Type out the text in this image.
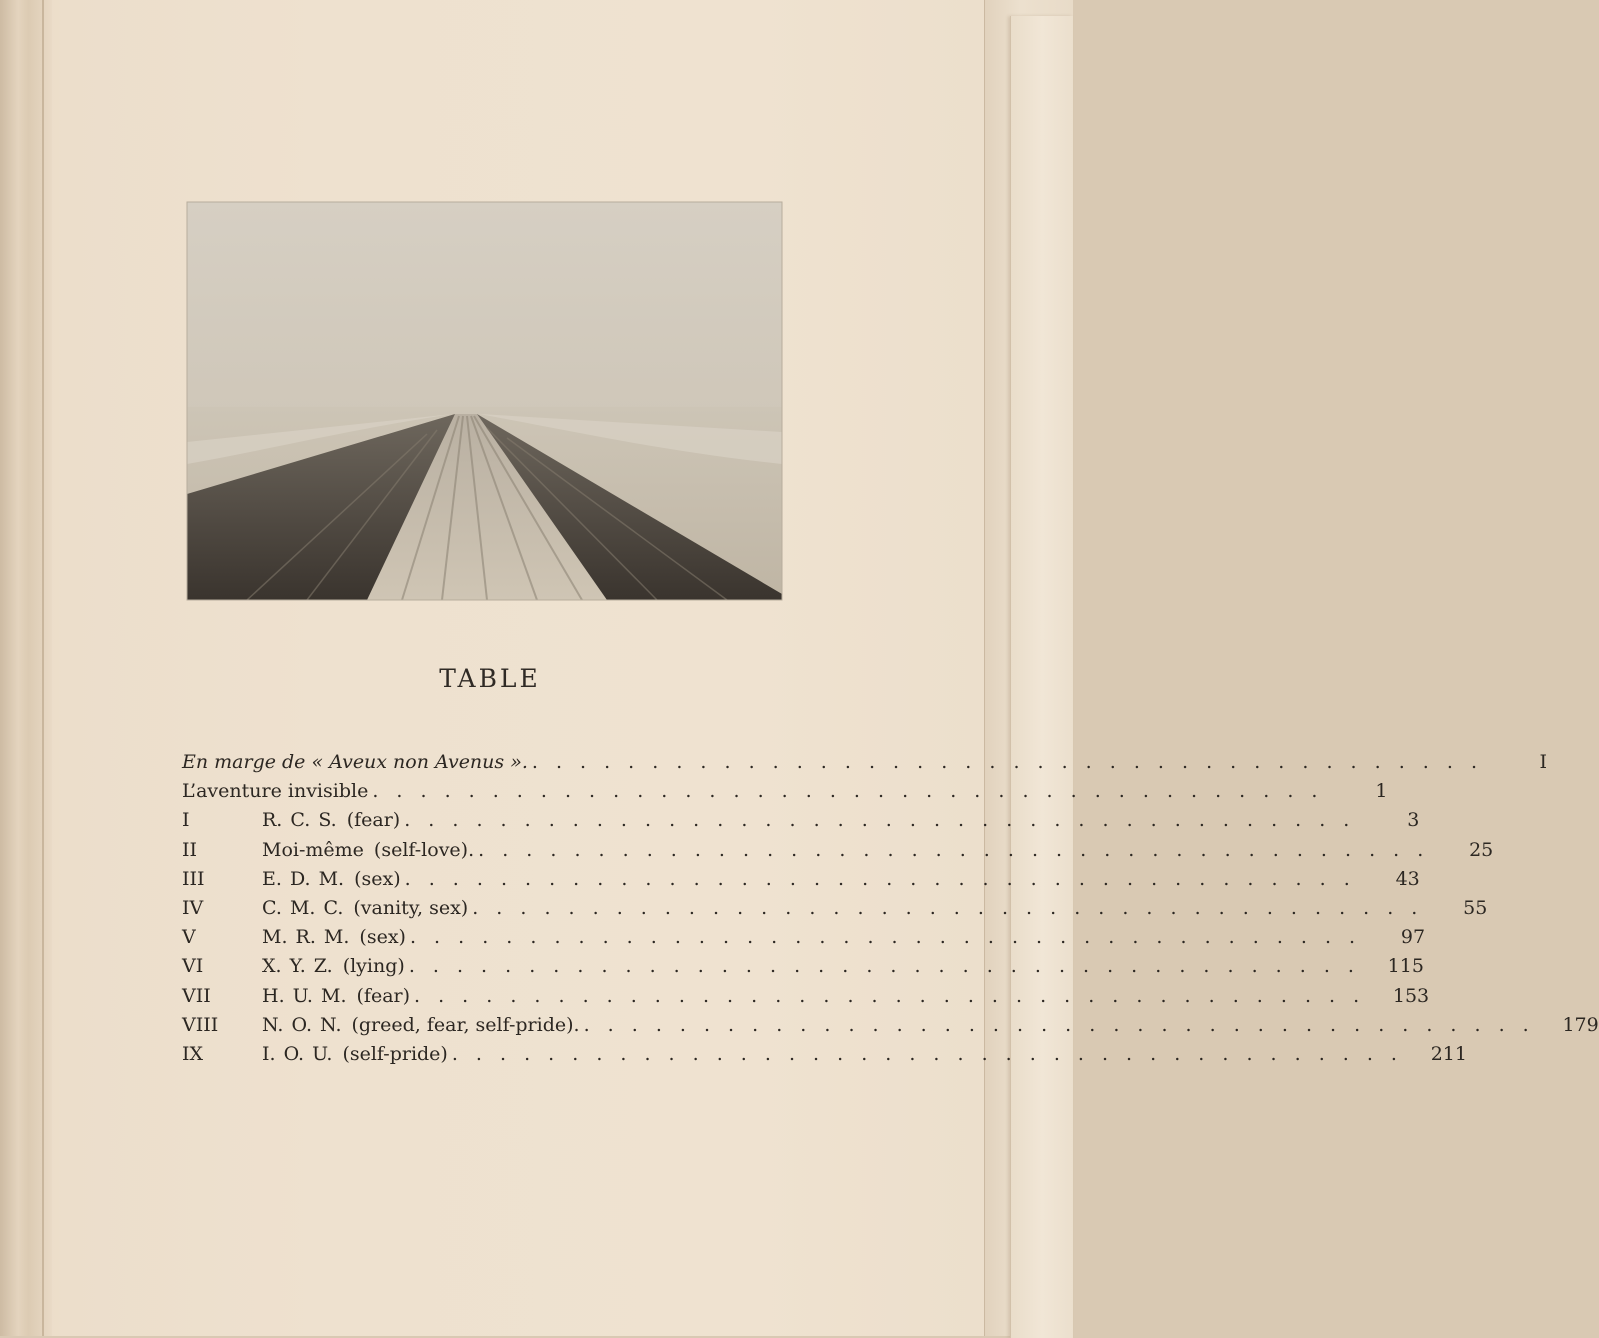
TABLE
En marge de « Aveux non Avenus ». . . . . . . . . . . . . . . . . . . . . . . . . . . . . . . . . . . . . . . . .	I
L’aventure invisible . . . . . . . . . . . . . . . . . . . . . . . . . . . . . . . . . . . . . . . .	1
I	R. C. S. (fear) . . . . . . . . . . . . . . . . . . . . . . . . . . . . . . . . . . . . . . . .	3
II	Moi-même (self-love). . . . . . . . . . . . . . . . . . . . . . . . . . . . . . . . . . . . . . . . .	25
III	E. D. M. (sex) . . . . . . . . . . . . . . . . . . . . . . . . . . . . . . . . . . . . . . . .	43
IV	C. M. C. (vanity, sex) . . . . . . . . . . . . . . . . . . . . . . . . . . . . . . . . . . . . . . . .	55
V	M. R. M. (sex) . . . . . . . . . . . . . . . . . . . . . . . . . . . . . . . . . . . . . . . .	97
VI	X. Y. Z. (lying) . . . . . . . . . . . . . . . . . . . . . . . . . . . . . . . . . . . . . . . .	115
VII	H. U. M. (fear) . . . . . . . . . . . . . . . . . . . . . . . . . . . . . . . . . . . . . . . .	153
VIII	N. O. N. (greed, fear, self-pride). . . . . . . . . . . . . . . . . . . . . . . . . . . . . . . . . . . . . . . . .	179
IX	I. O. U. (self-pride) . . . . . . . . . . . . . . . . . . . . . . . . . . . . . . . . . . . . . . . .	211
